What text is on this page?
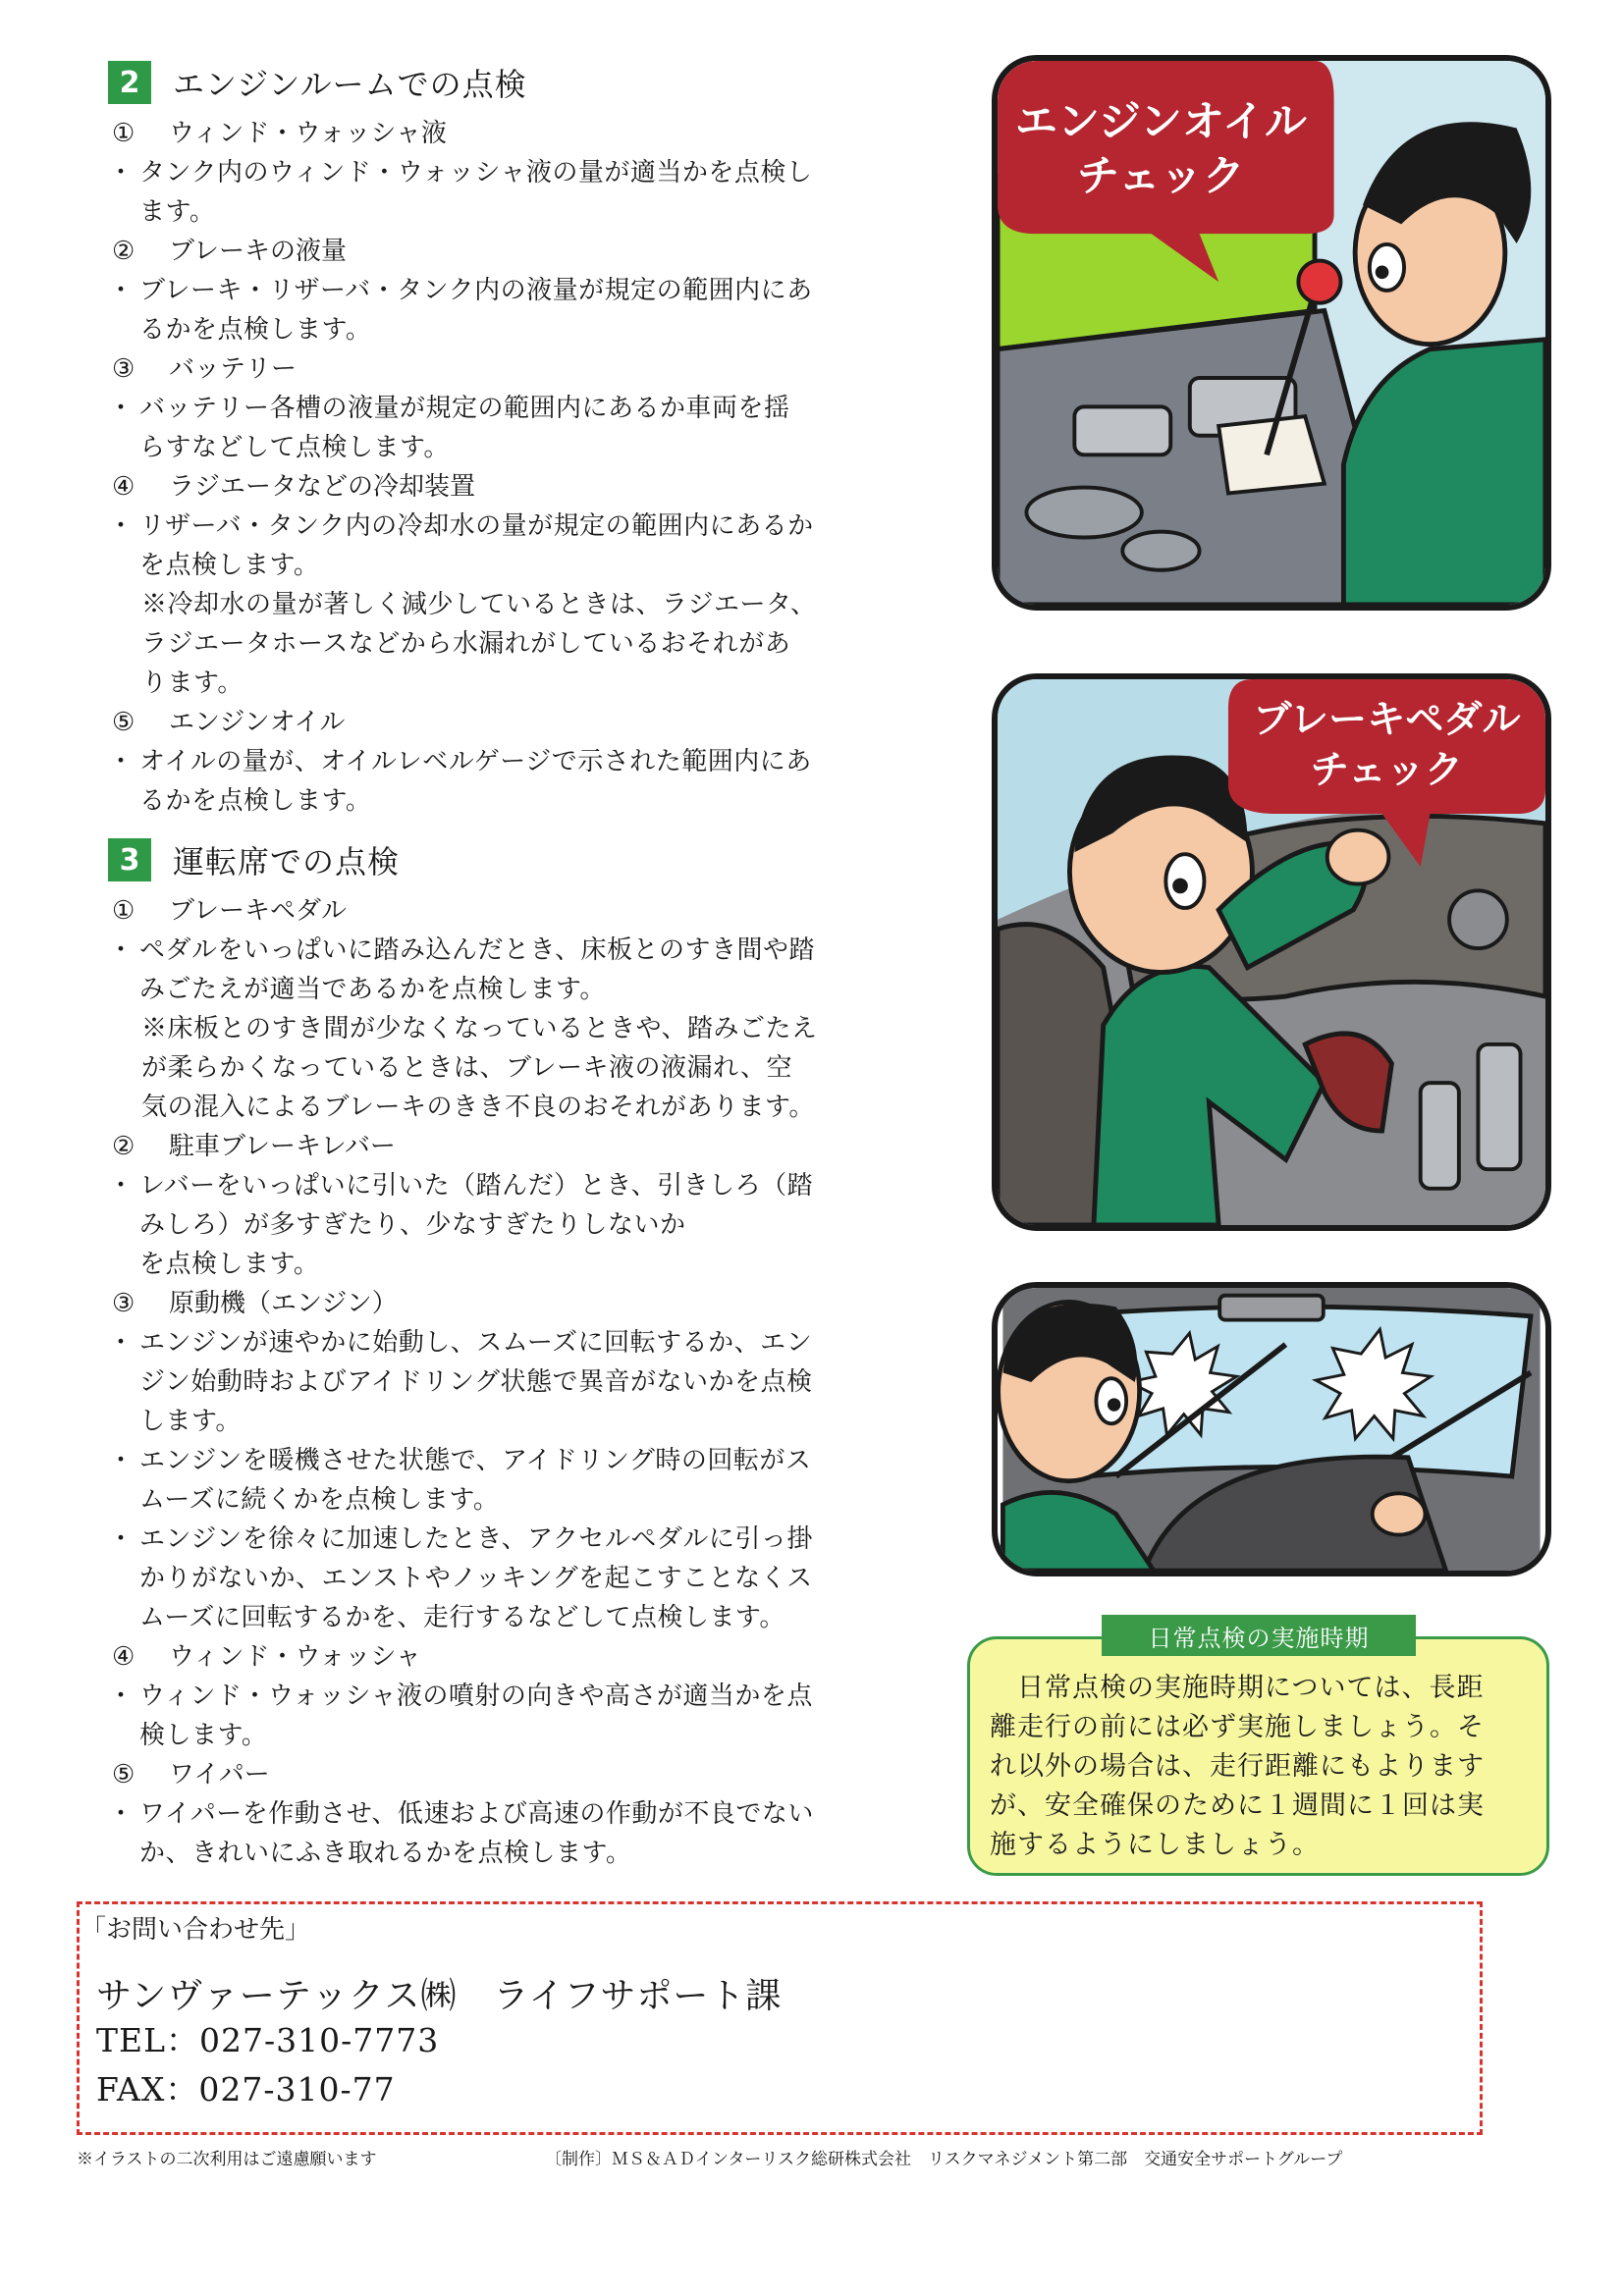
2	エンジンルームでの点検
① ウィンド・ウォッシャ液
・ タンク内のウィンド・ウォッシャ液の量が適当かを点検し
ます。
② ブレーキの液量
・ ブレーキ・リザーバ・タンク内の液量が規定の範囲内にあ
るかを点検します。
③ バッテリー
・ バッテリー各槽の液量が規定の範囲内にあるか車両を揺
らすなどして点検します。
④ ラジエータなどの冷却装置
・ リザーバ・タンク内の冷却水の量が規定の範囲内にあるか
を点検します。
※冷却水の量が著しく減少しているときは、ラジエータ、
ラジエータホースなどから水漏れがしているおそれがあ
ります。
⑤ エンジンオイル
・ オイルの量が、オイルレベルゲージで示された範囲内にあ
るかを点検します。
3	運転席での点検
① ブレーキペダル
・ ペダルをいっぱいに踏み込んだとき、床板とのすき間や踏
みごたえが適当であるかを点検します。
※床板とのすき間が少なくなっているときや、踏みごたえ
が柔らかくなっているときは、ブレーキ液の液漏れ、空
気の混入によるブレーキのきき不良のおそれがあります。
② 駐車ブレーキレバー
・ レバーをいっぱいに引いた（踏んだ）とき、引きしろ（踏
みしろ）が多すぎたり、少なすぎたりしないか
を点検します。
③ 原動機（エンジン）
・ エンジンが速やかに始動し、スムーズに回転するか、エン
ジン始動時およびアイドリング状態で異音がないかを点検
します。
・ エンジンを暖機させた状態で、アイドリング時の回転がス
ムーズに続くかを点検します。
・ エンジンを徐々に加速したとき、アクセルペダルに引っ掛
かりがないか、エンストやノッキングを起こすことなくス
ムーズに回転するかを、走行するなどして点検します。
④ ウィンド・ウォッシャ
・ ウィンド・ウォッシャ液の噴射の向きや高さが適当かを点
検します。
⑤ ワイパー
・ ワイパーを作動させ、低速および高速の作動が不良でない
か、きれいにふき取れるかを点検します。
エンジンオイル
チェック
ブレーキペダル
チェック
日常点検の実施時期
日常点検の実施時期については、長距
離走行の前には必ず実施しましょう。そ
れ以外の場合は、走行距離にもよります
が、安全確保のために１週間に１回は実
施するようにしましょう。
「お問い合わせ先」
サンヴァーテックス㈱　ライフサポート課
TEL：027-310-7773
FAX：027-310-77
※イラストの二次利用はご遠慮願います	〔制作〕ＭＳ＆ＡＤインターリスク総研株式会社　リスクマネジメント第二部　交通安全サポートグループ
